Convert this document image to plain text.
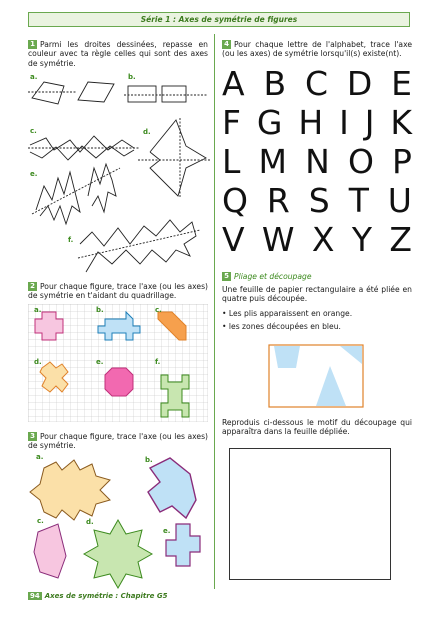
Série 1 : Axes de symétrie de figures
1 Parmi les droites dessinées, repasse en couleur avec ta règle celles qui sont des axes de symétrie.
a.	b.
c.	d.
e.
f.
2 Pour chaque figure, trace l'axe (ou les axes) de symétrie en t'aidant du quadrillage.
a.	b.	c.
d.	e.	f.
3 Pour chaque figure, trace l'axe (ou les axes) de symétrie.
a.	b.
c.	d.
e.
4 Pour chaque lettre de l'alphabet, trace l'axe (ou les axes) de symétrie lorsqu'il(s) existe(nt).
A B C D E
F G H I J K
L M N O P
Q R S T U
V W X Y Z
5 Pliage et découpage
Une feuille de papier rectangulaire a été pliée en quatre puis découpée.
• Les plis apparaissent en orange.
• les zones découpées en bleu.
Reproduis ci-dessous le motif du découpage qui apparaîtra dans la feuille dépliée.
94 Axes de symétrie : Chapitre G5
